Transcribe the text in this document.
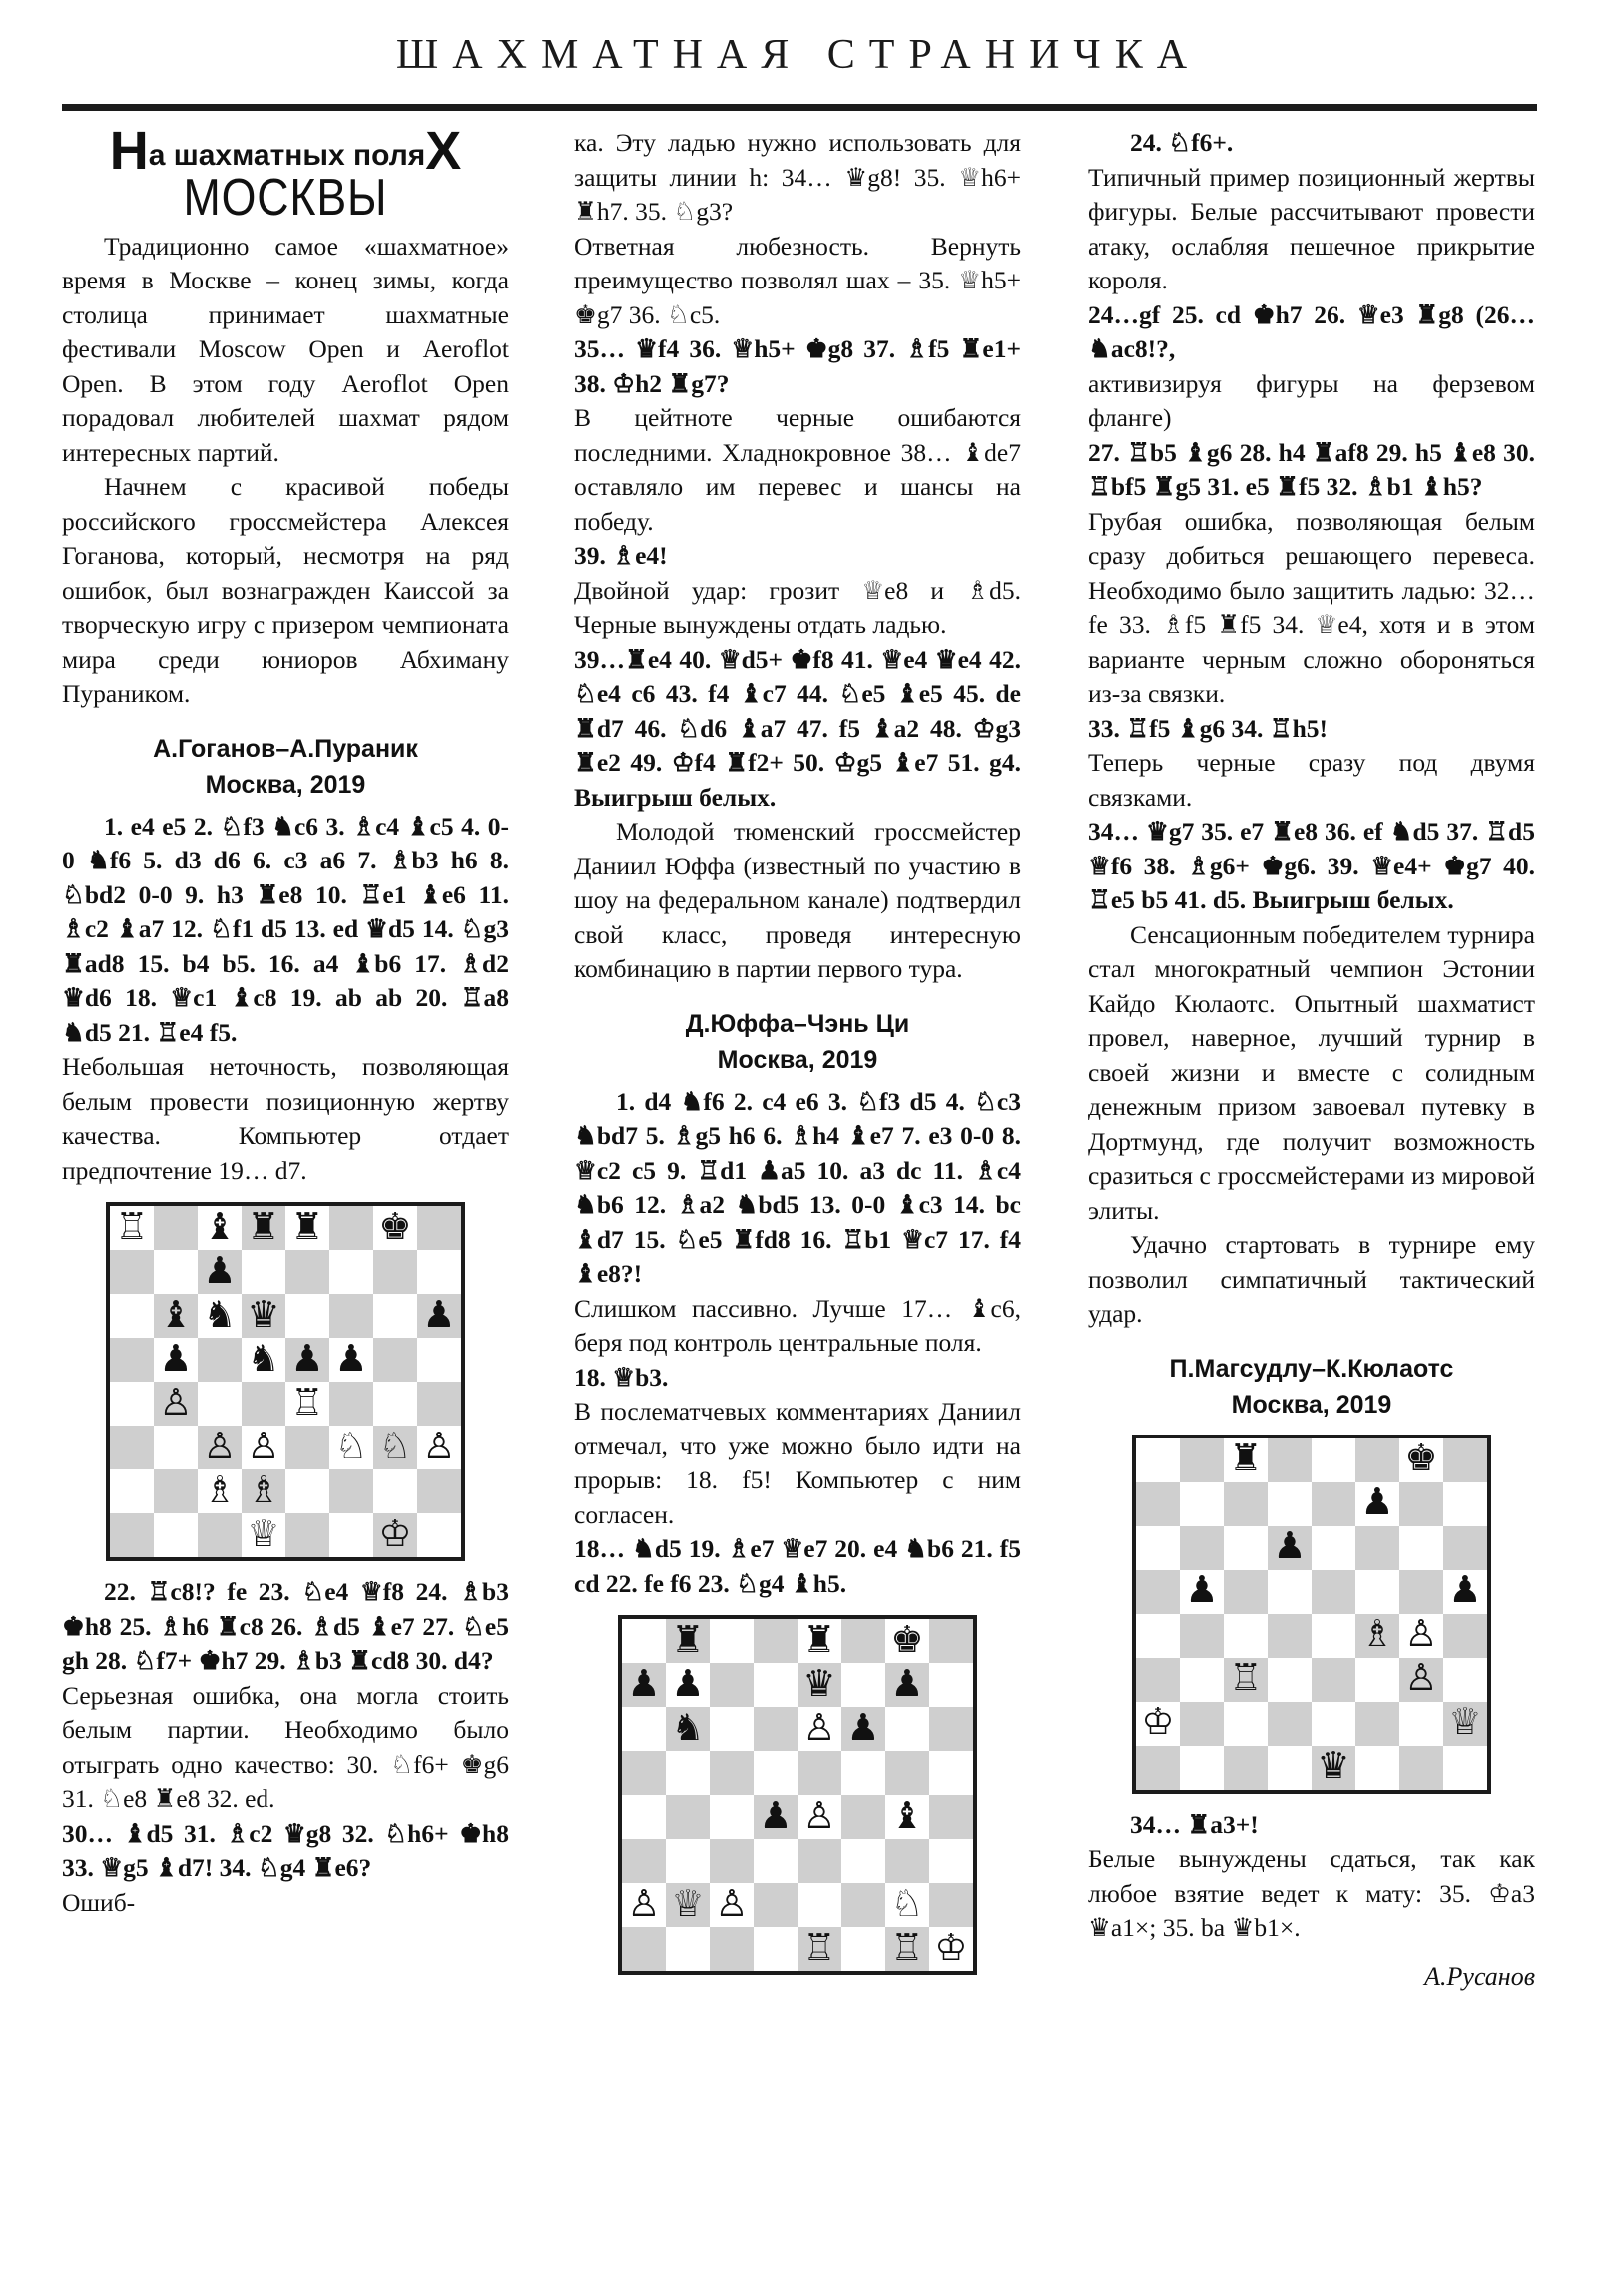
ШАХМАТНАЯ СТРАНИЧКА
На шахматных поляХ
МОСКВЫ

Традиционно самое «шахматное» время в Москве – конец зимы, когда столица принимает шахматные фестивали Moscow Open и Aeroflot Open. В этом году Aeroflot Open порадовал любителей шахмат рядом интересных партий.

Начнем с красивой победы российского гроссмейстера Алексея Гоганова, который, несмотря на ряд ошибок, был вознагражден Каиссой за творческую игру с призером чемпионата мира среди юниоров Абхиману Пураником.

А.Гоганов–А.Пураник
Москва, 2019

1. e4 e5 2. ♘f3 ♞c6 3. ♗c4 ♝c5 4. 0-0 ♞f6 5. d3 d6 6. c3 a6 7. ♗b3 h6 8. ♘bd2 0-0 9. h3 ♜e8 10. ♖e1 ♝e6 11. ♗c2 ♝a7 12. ♘f1 d5 13. ed ♛d5 14. ♘g3 ♜ad8 15. b4 b5. 16. a4 ♝b6 17. ♗d2 ♛d6 18. ♕c1 ♝c8 19. ab ab 20. ♖a8 ♞d5 21. ♖e4 f5.

Небольшая неточность, позволяющая белым провести позиционную жертву качества. Компьютер отдает предпочтение 19… d7.

♖ ♝ ♜ ♜ ♚
♟
♝ ♞ ♛	♟
♟ ♞ ♟ ♟
♙	♖
♙ ♙ ♘ ♘ ♙
♗ ♗
♕	♔

22. ♖c8!? fe 23. ♘e4 ♕f8 24. ♗b3 ♚h8 25. ♗h6 ♜c8 26. ♗d5 ♝e7 27. ♘e5 gh 28. ♘f7+ ♚h7 29. ♗b3 ♜cd8 30. d4?

Серьезная ошибка, она могла стоить белым партии. Необходимо было отыграть одно качество: 30. ♘f6+ ♚g6 31. ♘e8 ♜e8 32. ed.

30… ♝d5 31. ♗c2 ♛g8 32. ♘h6+ ♚h8 33. ♕g5 ♝d7! 34. ♘g4 ♜e6?

Ошиб-

ка. Эту ладью нужно использовать для защиты линии h: 34… ♛g8! 35. ♕h6+ ♜h7. 35. ♘g3?

Ответная любезность. Вернуть преимущество позволял шах – 35. ♕h5+ ♚g7 36. ♘c5.

35… ♛f4 36. ♕h5+ ♚g8 37. ♗f5 ♜e1+ 38. ♔h2 ♜g7?

В цейтноте черные ошибаются последними. Хладнокровное 38… ♝de7 оставляло им перевес и шансы на победу.

39. ♗e4!

Двойной удар: грозит ♕e8 и ♗d5. Черные вынуждены отдать ладью.

39…♜e4 40. ♕d5+ ♚f8 41. ♕e4 ♛e4 42. ♘e4 c6 43. f4 ♝c7 44. ♘e5 ♝e5 45. de ♜d7 46. ♘d6 ♝a7 47. f5 ♝a2 48. ♔g3 ♜e2 49. ♔f4 ♜f2+ 50. ♔g5 ♝e7 51. g4. Выигрыш белых.

Молодой тюменский гроссмейстер Даниил Юффа (известный по участию в шоу на федеральном канале) подтвердил свой класс, проведя интересную комбинацию в партии первого тура.

Д.Юффа–Чэнь Ци
Москва, 2019

1. d4 ♞f6 2. c4 e6 3. ♘f3 d5 4. ♘c3 ♞bd7 5. ♗g5 h6 6. ♗h4 ♝e7 7. e3 0-0 8. ♕c2 c5 9. ♖d1 ♟a5 10. a3 dc 11. ♗c4 ♞b6 12. ♗a2 ♞bd5 13. 0-0 ♝c3 14. bc ♝d7 15. ♘e5 ♜fd8 16. ♖b1 ♕c7 17. f4 ♝e8?!

Слишком пассивно. Лучше 17… ♝c6, беря под контроль центральные поля.

18. ♕b3.

В послематчевых комментариях Даниил отмечал, что уже можно было идти на прорыв: 18. f5! Компьютер с ним согласен.

18… ♞d5 19. ♗e7 ♕e7 20. e4 ♞b6 21. f5 cd 22. fe f6 23. ♘g4 ♝h5.

♜	♜ ♚
♟ ♟	♛ ♟
♞	♙ ♟
♟ ♙ ♝
♙ ♕ ♙	♘
♖ ♖ ♔

24. ♘f6+.

Типичный пример позиционный жертвы фигуры. Белые рассчитывают провести атаку, ослабляя пешечное прикрытие короля.

24…gf 25. cd ♚h7 26. ♕e3 ♜g8 (26… ♞ac8!?,

активизируя фигуры на ферзевом фланге)

27. ♖b5 ♝g6 28. h4 ♜af8 29. h5 ♝e8 30. ♖bf5 ♜g5 31. e5 ♜f5 32. ♗b1 ♝h5?

Грубая ошибка, позволяющая белым сразу добиться решающего перевеса. Необходимо было защитить ладью: 32…fe 33. ♗f5 ♜f5 34. ♕e4, хотя и в этом варианте черным сложно обороняться из-за связки.

33. ♖f5 ♝g6 34. ♖h5!

Теперь черные сразу под двумя связками.

34… ♛g7 35. e7 ♜e8 36. ef ♞d5 37. ♖d5 ♕f6 38. ♗g6+ ♚g6. 39. ♕e4+ ♚g7 40. ♖e5 b5 41. d5. Выигрыш белых.

Сенсационным победителем турнира стал многократный чемпион Эстонии Кайдо Кюлаотс. Опытный шахматист провел, наверное, лучший турнир в своей жизни и вместе с солидным денежным призом завоевал путевку в Дортмунд, где получит возможность сразиться с гроссмейстерами из мировой элиты.

Удачно стартовать в турнире ему позволил симпатичный тактический удар.

П.Магсудлу–К.Кюлаотс
Москва, 2019
♜	♚
♟
♟
♟	♟
♗ ♙
♖	♙
♔	♕
♛

34… ♜a3+!

Белые вынуждены сдаться, так как любое взятие ведет к мату: 35. ♔a3 ♛a1×; 35. ba ♛b1×.

А.Русанов
